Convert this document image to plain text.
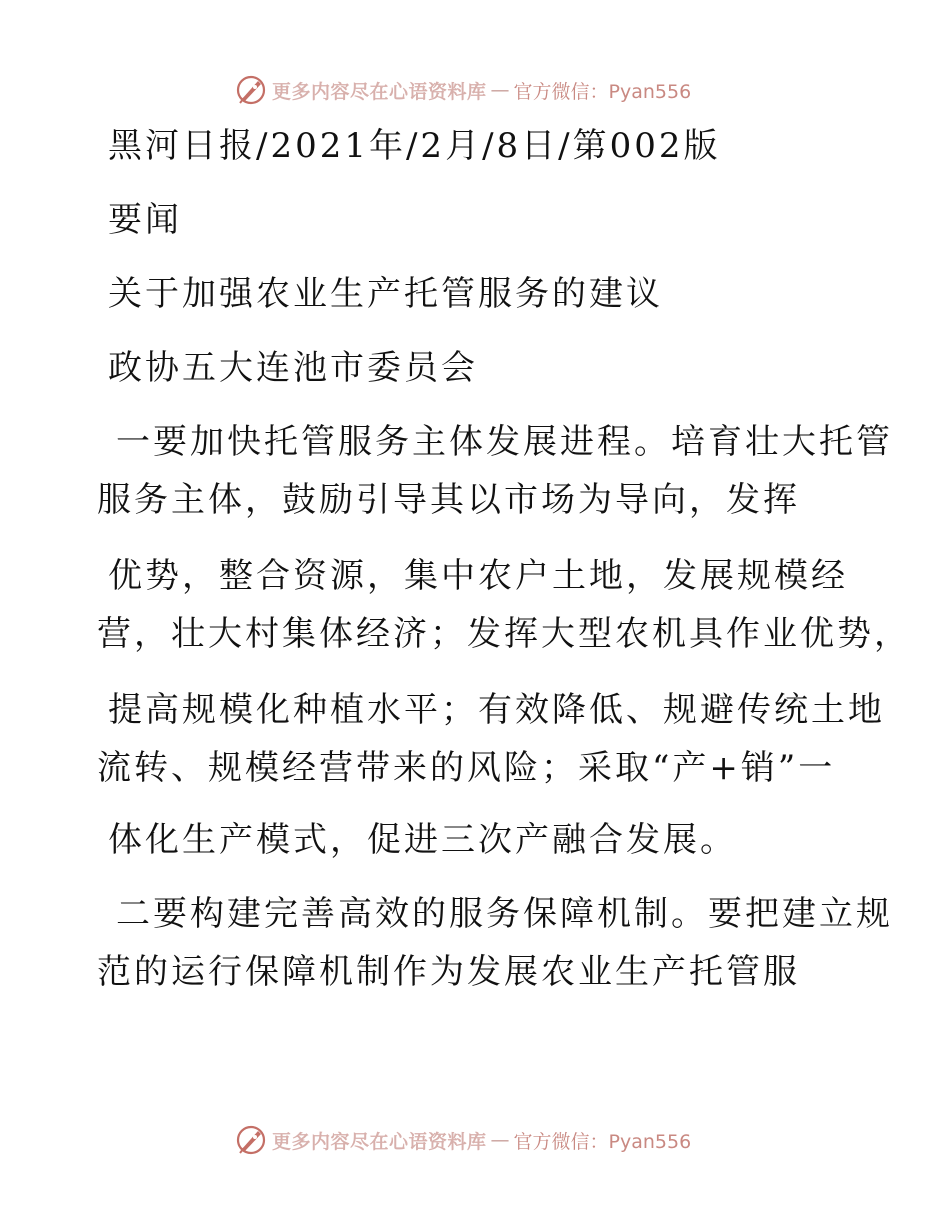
更多内容尽在心语资料库 — 官方微信：Pyan556
黑河日报/2021年/2月/8日/第002版
要闻
关于加强农业生产托管服务的建议
政协五大连池市委员会
一要加快托管服务主体发展进程。培育壮大托管
服务主体，鼓励引导其以市场为导向，发挥
优势，整合资源，集中农户土地，发展规模经
营，壮大村集体经济；发挥大型农机具作业优势，
提高规模化种植水平；有效降低、规避传统土地
流转、规模经营带来的风险；采取“产+销”一
体化生产模式，促进三次产融合发展。
二要构建完善高效的服务保障机制。要把建立规
范的运行保障机制作为发展农业生产托管服
更多内容尽在心语资料库 — 官方微信：Pyan556
